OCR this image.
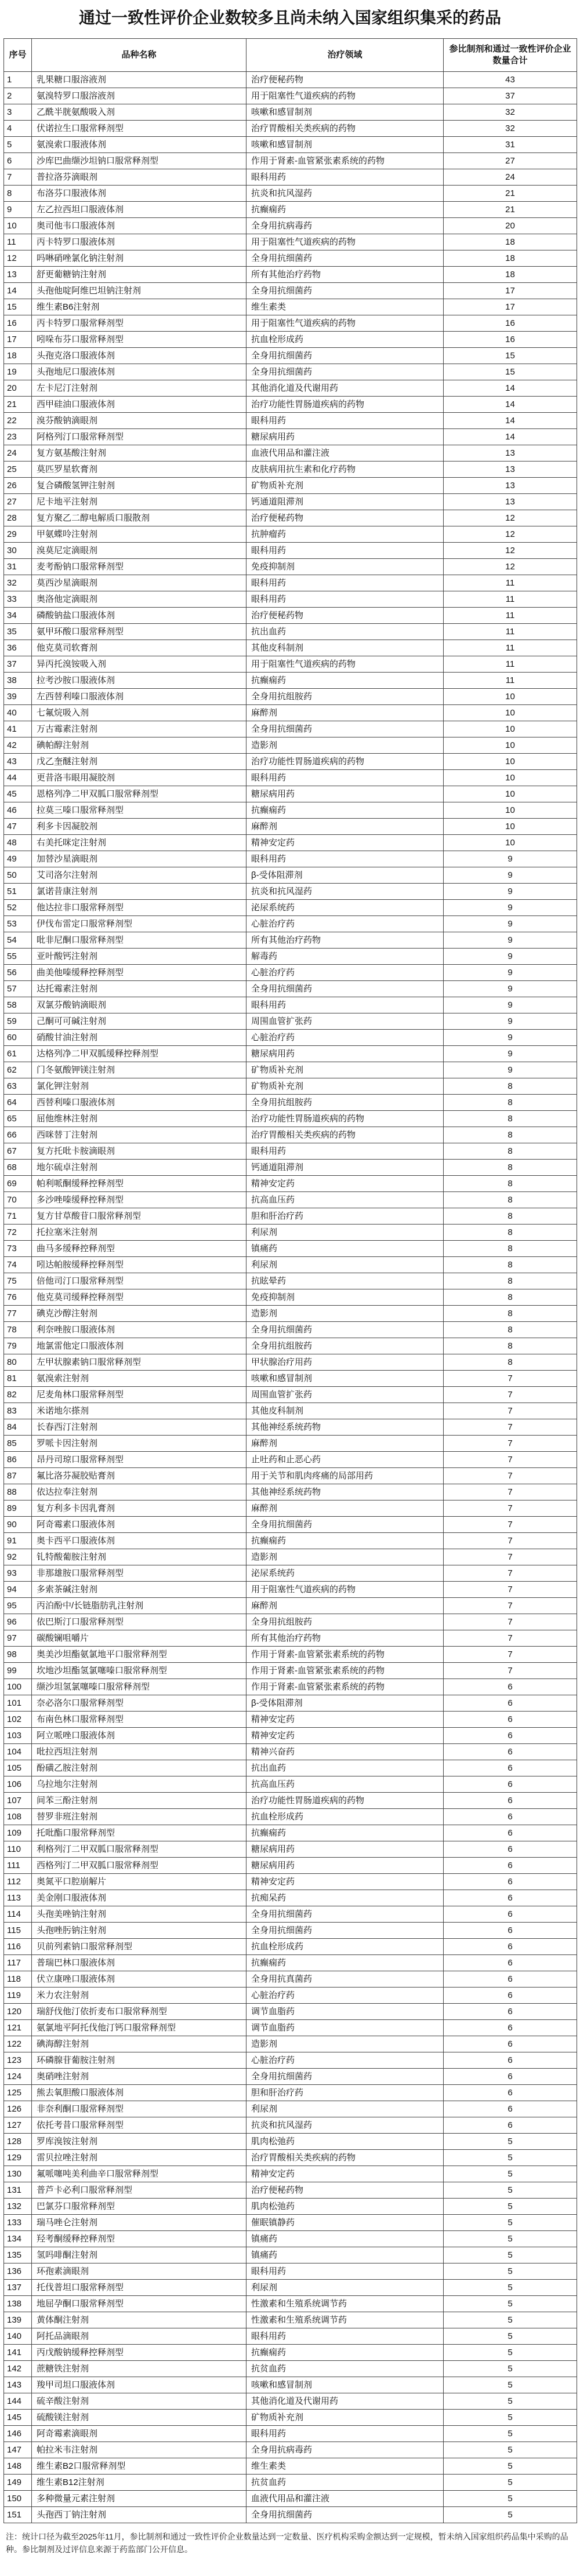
通过一致性评价企业数较多且尚未纳入国家组织集采的药品
序号	品种名称	治疗领域	参比制剂和通过一致性评价企业数量合计
1	乳果糖口服溶液剂	治疗便秘药物	43
2	氨溴特罗口服溶液剂	用于阻塞性气道疾病的药物	37
3	乙酰半胱氨酸吸入剂	咳嗽和感冒制剂	32
4	伏诺拉生口服常释剂型	治疗胃酸相关类疾病的药物	32
5	氨溴索口服液体剂	咳嗽和感冒制剂	31
6	沙库巴曲缬沙坦钠口服常释剂型	作用于肾素-血管紧张素系统的药物	27
7	普拉洛芬滴眼剂	眼科用药	24
8	布洛芬口服液体剂	抗炎和抗风湿药	21
9	左乙拉西坦口服液体剂	抗癫痫药	21
10	奥司他韦口服液体剂	全身用抗病毒药	20
11	丙卡特罗口服液体剂	用于阻塞性气道疾病的药物	18
12	吗啉硝唑氯化钠注射剂	全身用抗细菌药	18
13	舒更葡糖钠注射剂	所有其他治疗药物	18
14	头孢他啶阿维巴坦钠注射剂	全身用抗细菌药	17
15	维生素B6注射剂	维生素类	17
16	丙卡特罗口服常释剂型	用于阻塞性气道疾病的药物	16
17	吲哚布芬口服常释剂型	抗血栓形成药	16
18	头孢克洛口服液体剂	全身用抗细菌药	15
19	头孢地尼口服液体剂	全身用抗细菌药	15
20	左卡尼汀注射剂	其他消化道及代谢用药	14
21	西甲硅油口服液体剂	治疗功能性胃肠道疾病的药物	14
22	溴芬酸钠滴眼剂	眼科用药	14
23	阿格列汀口服常释剂型	糖尿病用药	14
24	复方氨基酸注射剂	血液代用品和灌注液	13
25	莫匹罗星软膏剂	皮肤病用抗生素和化疗药物	13
26	复合磷酸氢钾注射剂	矿物质补充剂	13
27	尼卡地平注射剂	钙通道阻滞剂	13
28	复方聚乙二醇电解质口服散剂	治疗便秘药物	12
29	甲氨蝶呤注射剂	抗肿瘤药	12
30	溴莫尼定滴眼剂	眼科用药	12
31	麦考酚钠口服常释剂型	免疫抑制剂	12
32	莫西沙星滴眼剂	眼科用药	11
33	奥洛他定滴眼剂	眼科用药	11
34	磷酸钠盐口服液体剂	治疗便秘药物	11
35	氨甲环酸口服常释剂型	抗出血药	11
36	他克莫司软膏剂	其他皮科制剂	11
37	异丙托溴铵吸入剂	用于阻塞性气道疾病的药物	11
38	拉考沙胺口服液体剂	抗癫痫药	11
39	左西替利嗪口服液体剂	全身用抗组胺药	10
40	七氟烷吸入剂	麻醉剂	10
41	万古霉素注射剂	全身用抗细菌药	10
42	碘帕醇注射剂	造影剂	10
43	戊乙奎醚注射剂	治疗功能性胃肠道疾病的药物	10
44	更昔洛韦眼用凝胶剂	眼科用药	10
45	恩格列净二甲双胍口服常释剂型	糖尿病用药	10
46	拉莫三嗪口服常释剂型	抗癫痫药	10
47	利多卡因凝胶剂	麻醉剂	10
48	右美托咪定注射剂	精神安定药	10
49	加替沙星滴眼剂	眼科用药	9
50	艾司洛尔注射剂	β-受体阻滞剂	9
51	氯诺昔康注射剂	抗炎和抗风湿药	9
52	他达拉非口服常释剂型	泌尿系统药	9
53	伊伐布雷定口服常释剂型	心脏治疗药	9
54	吡非尼酮口服常释剂型	所有其他治疗药物	9
55	亚叶酸钙注射剂	解毒药	9
56	曲美他嗪缓释控释剂型	心脏治疗药	9
57	达托霉素注射剂	全身用抗细菌药	9
58	双氯芬酸钠滴眼剂	眼科用药	9
59	己酮可可碱注射剂	周围血管扩张药	9
60	硝酸甘油注射剂	心脏治疗药	9
61	达格列净二甲双胍缓释控释剂型	糖尿病用药	9
62	门冬氨酸钾镁注射剂	矿物质补充剂	9
63	氯化钾注射剂	矿物质补充剂	8
64	西替利嗪口服液体剂	全身用抗组胺药	8
65	屈他维林注射剂	治疗功能性胃肠道疾病的药物	8
66	西咪替丁注射剂	治疗胃酸相关类疾病的药物	8
67	复方托吡卡胺滴眼剂	眼科用药	8
68	地尔硫卓注射剂	钙通道阻滞剂	8
69	帕利哌酮缓释控释剂型	精神安定药	8
70	多沙唑嗪缓释控释剂型	抗高血压药	8
71	复方甘草酸苷口服常释剂型	胆和肝治疗药	8
72	托拉塞米注射剂	利尿剂	8
73	曲马多缓释控释剂型	镇痛药	8
74	吲达帕胺缓释控释剂型	利尿剂	8
75	倍他司汀口服常释剂型	抗眩晕药	8
76	他克莫司缓释控释剂型	免疫抑制剂	8
77	碘克沙醇注射剂	造影剂	8
78	利奈唑胺口服液体剂	全身用抗细菌药	8
79	地氯雷他定口服液体剂	全身用抗组胺药	8
80	左甲状腺素钠口服常释剂型	甲状腺治疗用药	8
81	氨溴索注射剂	咳嗽和感冒制剂	7
82	尼麦角林口服常释剂型	周围血管扩张药	7
83	米诺地尔搽剂	其他皮科制剂	7
84	长春西汀注射剂	其他神经系统药物	7
85	罗哌卡因注射剂	麻醉剂	7
86	昂丹司琼口服常释剂型	止吐药和止恶心药	7
87	氟比洛芬凝胶贴膏剂	用于关节和肌肉疼痛的局部用药	7
88	依达拉奉注射剂	其他神经系统药物	7
89	复方利多卡因乳膏剂	麻醉剂	7
90	阿奇霉素口服液体剂	全身用抗细菌药	7
91	奥卡西平口服液体剂	抗癫痫药	7
92	钆特酸葡胺注射剂	造影剂	7
93	非那雄胺口服常释剂型	泌尿系统药	7
94	多索茶碱注射剂	用于阻塞性气道疾病的药物	7
95	丙泊酚中/长链脂肪乳注射剂	麻醉剂	7
96	依巴斯汀口服常释剂型	全身用抗组胺药	7
97	碳酸镧咀嚼片	所有其他治疗药物	7
98	奥美沙坦酯氨氯地平口服常释剂型	作用于肾素-血管紧张素系统的药物	7
99	坎地沙坦酯氢氯噻嗪口服常释剂型	作用于肾素-血管紧张素系统的药物	7
100	缬沙坦氢氯噻嗪口服常释剂型	作用于肾素-血管紧张素系统的药物	6
101	奈必洛尔口服常释剂型	β-受体阻滞剂	6
102	布南色林口服常释剂型	精神安定药	6
103	阿立哌唑口服液体剂	精神安定药	6
104	吡拉西坦注射剂	精神兴奋药	6
105	酚磺乙胺注射剂	抗出血药	6
106	乌拉地尔注射剂	抗高血压药	6
107	间苯三酚注射剂	治疗功能性胃肠道疾病的药物	6
108	替罗非班注射剂	抗血栓形成药	6
109	托吡酯口服常释剂型	抗癫痫药	6
110	利格列汀二甲双胍口服常释剂型	糖尿病用药	6
111	西格列汀二甲双胍口服常释剂型	糖尿病用药	6
112	奥氮平口腔崩解片	精神安定药	6
113	美金刚口服液体剂	抗痴呆药	6
114	头孢美唑钠注射剂	全身用抗细菌药	6
115	头孢唑肟钠注射剂	全身用抗细菌药	6
116	贝前列素钠口服常释剂型	抗血栓形成药	6
117	普瑞巴林口服液体剂	抗癫痫药	6
118	伏立康唑口服液体剂	全身用抗真菌药	6
119	米力农注射剂	心脏治疗药	6
120	瑞舒伐他汀依折麦布口服常释剂型	调节血脂药	6
121	氨氯地平阿托伐他汀钙口服常释剂型	调节血脂药	6
122	碘海醇注射剂	造影剂	6
123	环磷腺苷葡胺注射剂	心脏治疗药	6
124	奥硝唑注射剂	全身用抗细菌药	6
125	熊去氧胆酸口服液体剂	胆和肝治疗药	6
126	非奈利酮口服常释剂型	利尿剂	6
127	依托考昔口服常释剂型	抗炎和抗风湿药	6
128	罗库溴铵注射剂	肌肉松弛药	5
129	雷贝拉唑注射剂	治疗胃酸相关类疾病的药物	5
130	氟哌噻吨美利曲辛口服常释剂型	精神安定药	5
131	普芦卡必利口服常释剂型	治疗便秘药物	5
132	巴氯芬口服常释剂型	肌肉松弛药	5
133	瑞马唑仑注射剂	催眠镇静药	5
134	羟考酮缓释控释剂型	镇痛药	5
135	氢吗啡酮注射剂	镇痛药	5
136	环孢素滴眼剂	眼科用药	5
137	托伐普坦口服常释剂型	利尿剂	5
138	地屈孕酮口服常释剂型	性激素和生殖系统调节药	5
139	黄体酮注射剂	性激素和生殖系统调节药	5
140	阿托品滴眼剂	眼科用药	5
141	丙戊酸钠缓释控释剂型	抗癫痫药	5
142	蔗糖铁注射剂	抗贫血药	5
143	羧甲司坦口服液体剂	咳嗽和感冒制剂	5
144	硫辛酸注射剂	其他消化道及代谢用药	5
145	硫酸镁注射剂	矿物质补充剂	5
146	阿奇霉素滴眼剂	眼科用药	5
147	帕拉米韦注射剂	全身用抗病毒药	5
148	维生素B2口服常释剂型	维生素类	5
149	维生素B12注射剂	抗贫血药	5
150	多种微量元素注射剂	血液代用品和灌注液	5
151	头孢西丁钠注射剂	全身用抗细菌药	5
注：统计口径为截至2025年11月，参比制剂和通过一致性评价企业数量达到一定数量、医疗机构采购金额达到一定规模，暂未纳入国家组织药品集中采购的品种。参比制剂及过评信息来源于药监部门公开信息。
